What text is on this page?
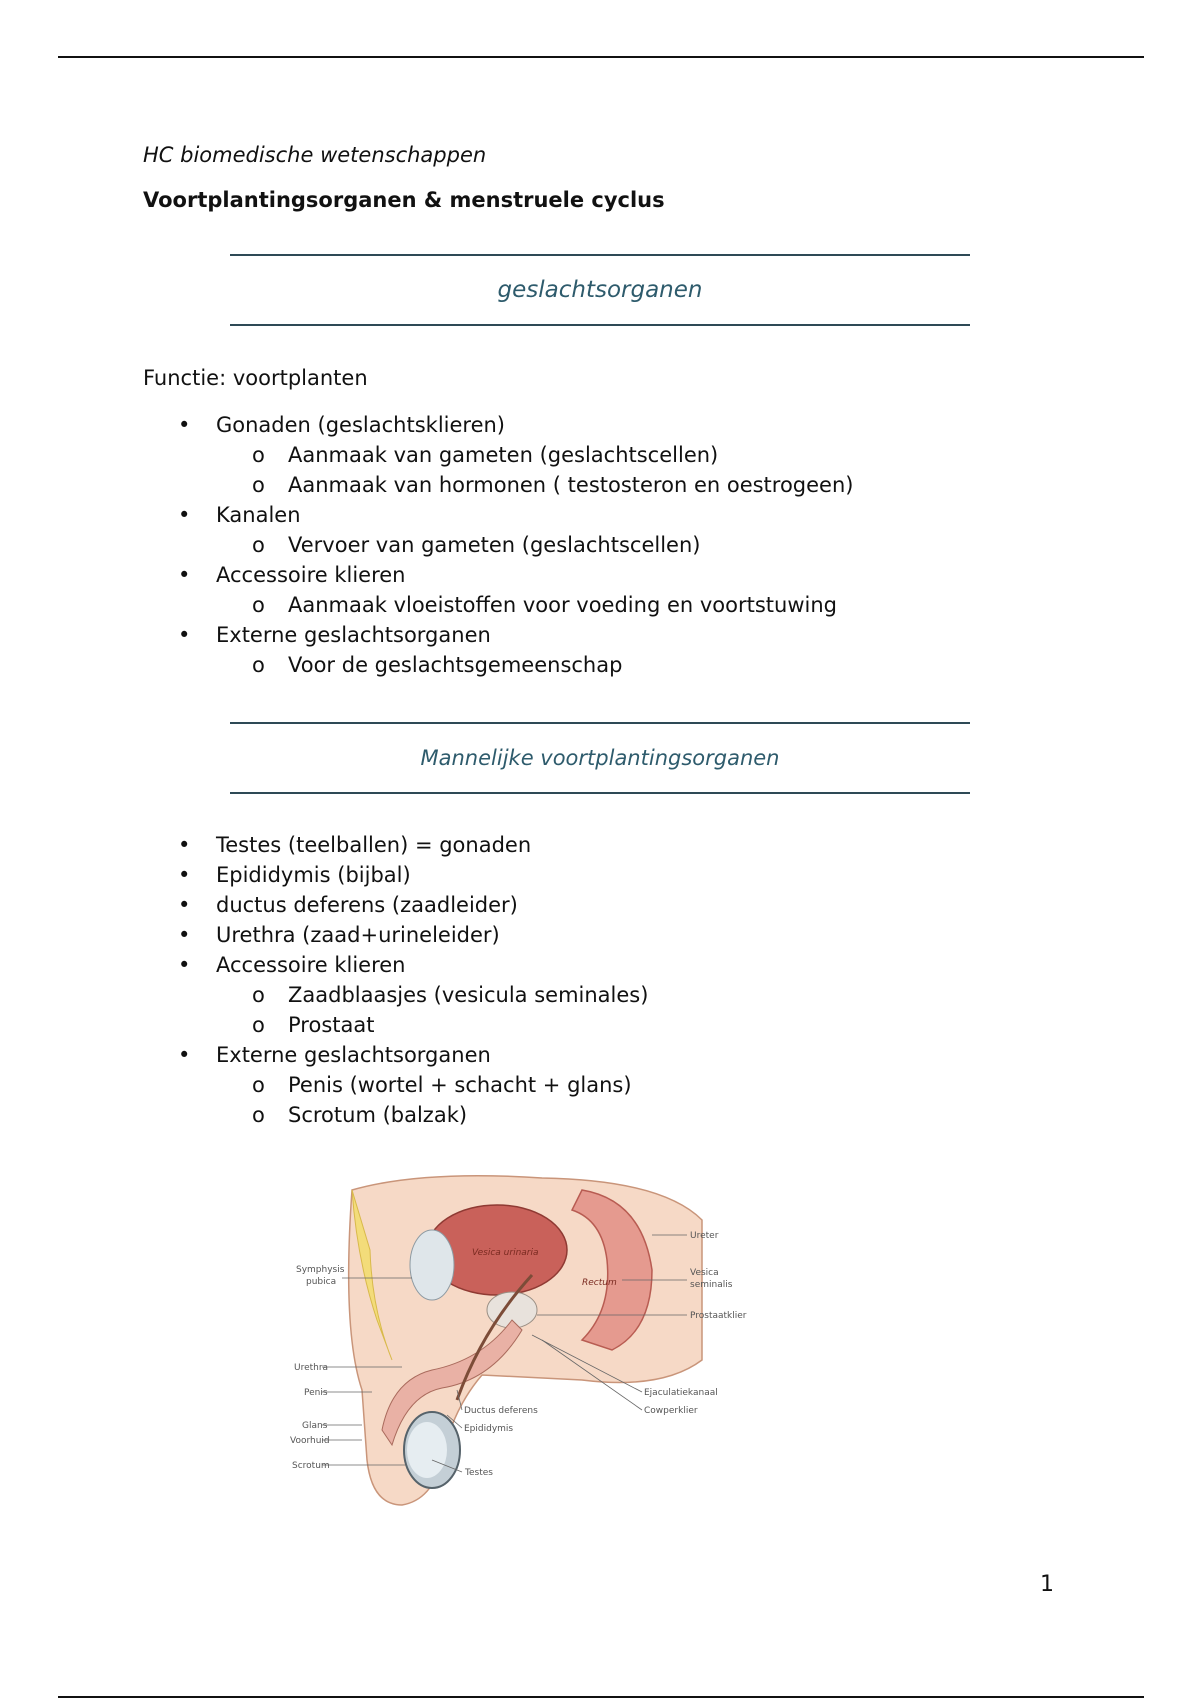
HC biomedische wetenschappen
Voortplantingsorganen & menstruele cyclus
geslachtsorganen
Functie: voortplanten
• Gonaden (geslachtsklieren)
o Aanmaak van gameten (geslachtscellen)
o Aanmaak van hormonen ( testosteron en oestrogeen)
• Kanalen
o Vervoer van gameten (geslachtscellen)
• Accessoire klieren
o Aanmaak vloeistoffen voor voeding en voortstuwing
• Externe geslachtsorganen
o Voor de geslachtsgemeenschap
Mannelijke voortplantingsorganen
• Testes (teelballen) = gonaden
• Epididymis (bijbal)
• ductus deferens (zaadleider)
• Urethra (zaad+urineleider)
• Accessoire klieren
o Zaadblaasjes (vesicula seminales)
o Prostaat
• Externe geslachtsorganen
o Penis (wortel + schacht + glans)
o Scrotum (balzak)
Ureter
Vesica urinaria
Symphysis
pubica	Rectum
Vesica
seminalis
Prostaatklier
Urethra
Penis	Ejaculatiekanaal
Cowperklier
Ductus deferens
Epididymis
Glans
Voorhuid
Scrotum
Testes
1
